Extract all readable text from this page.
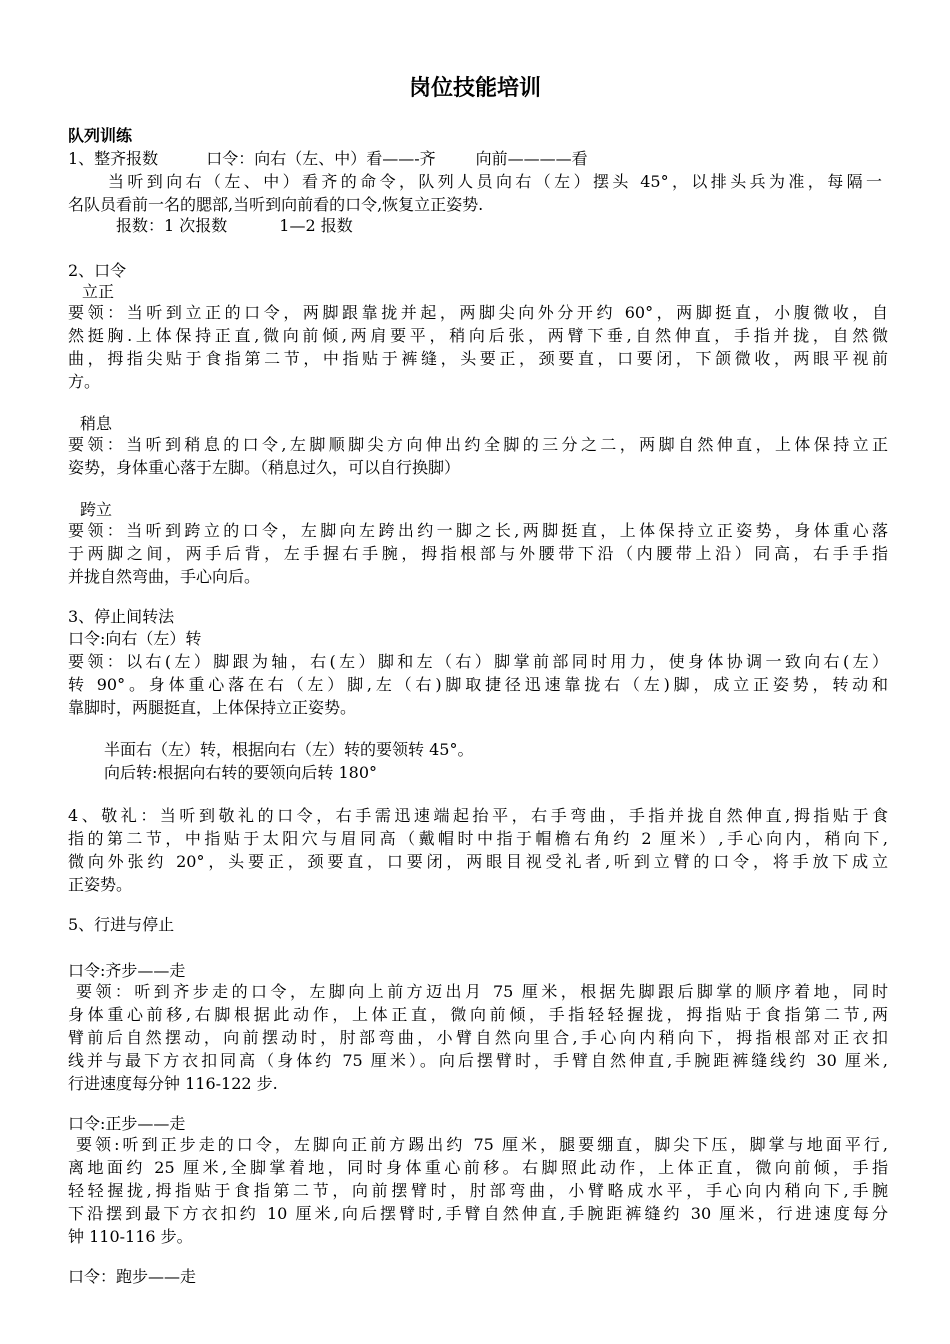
岗位技能培训
队列训练
1、整齐报数	口令：向右（左、中）看——-齐	向前————看
当听到向右（左、中）看齐的命令，队列人员向右（左）摆头 45°，以排头兵为准，每隔一
名队员看前一名的腮部,当听到向前看的口令,恢复立正姿势.
报数：1 次报数	1—2 报数
2、口令
立正
要领：当听到立正的口令，两脚跟靠拢并起，两脚尖向外分开约 60°，两脚挺直，小腹微收，自
然挺胸.上体保持正直,微向前倾,两肩要平，稍向后张，两臂下垂,自然伸直，手指并拢，自然微
曲，拇指尖贴于食指第二节，中指贴于裤缝，头要正，颈要直，口要闭，下颌微收，两眼平视前
方。
稍息
要领：当听到稍息的口令,左脚顺脚尖方向伸出约全脚的三分之二，两脚自然伸直，上体保持立正
姿势，身体重心落于左脚。（稍息过久，可以自行换脚）
跨立
要领：当听到跨立的口令，左脚向左跨出约一脚之长,两脚挺直，上体保持立正姿势，身体重心落
于两脚之间，两手后背，左手握右手腕，拇指根部与外腰带下沿（内腰带上沿）同高，右手手指
并拢自然弯曲，手心向后。
3、停止间转法
口令:向右（左）转
要领：以右(左）脚跟为轴，右(左）脚和左（右）脚掌前部同时用力，使身体协调一致向右(左）
转 90°。身体重心落在右（左）脚,左（右)脚取捷径迅速靠拢右（左)脚，成立正姿势，转动和
靠脚时，两腿挺直，上体保持立正姿势。
半面右（左）转，根据向右（左）转的要领转 45°。
向后转:根据向右转的要领向后转 180°
4、敬礼：当听到敬礼的口令，右手需迅速端起抬平，右手弯曲，手指并拢自然伸直,拇指贴于食
指的第二节，中指贴于太阳穴与眉同高（戴帽时中指于帽檐右角约 2 厘米）,手心向内，稍向下,
微向外张约 20°，头要正，颈要直，口要闭，两眼目视受礼者,听到立臂的口令，将手放下成立
正姿势。
5、行进与停止
口令:齐步——走
要领：听到齐步走的口令，左脚向上前方迈出月 75 厘米，根据先脚跟后脚掌的顺序着地，同时
身体重心前移,右脚根据此动作，上体正直，微向前倾，手指轻轻握拢，拇指贴于食指第二节,两
臂前后自然摆动，向前摆动时，肘部弯曲，小臂自然向里合,手心向内稍向下，拇指根部对正衣扣
线并与最下方衣扣同高（身体约 75 厘米）。向后摆臂时，手臂自然伸直,手腕距裤缝线约 30 厘米,
行进速度每分钟 116-122 步.
口令:正步——走
要领:听到正步走的口令，左脚向正前方踢出约 75 厘米，腿要绷直，脚尖下压，脚掌与地面平行,
离地面约 25 厘米,全脚掌着地，同时身体重心前移。右脚照此动作，上体正直，微向前倾，手指
轻轻握拢,拇指贴于食指第二节，向前摆臂时，肘部弯曲，小臂略成水平，手心向内稍向下,手腕
下沿摆到最下方衣扣约 10 厘米,向后摆臂时,手臂自然伸直,手腕距裤缝约 30 厘米，行进速度每分
钟 110-116 步。
口令：跑步——走
